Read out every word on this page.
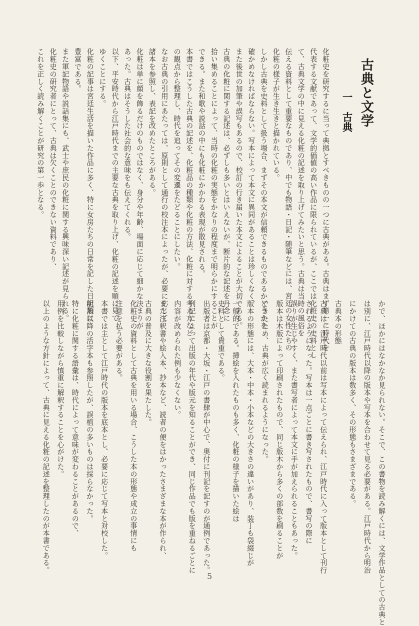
古典と文学
一　古典
化粧史を研究するに当って典拠とすべきものの一つに古典がある。古典はまず第一に時代を
代表する文献であって、文学的価値の高い作品に限られているが、ここでは化粧史の史料とし
て、古典文学の中に見える化粧の記述を取り上げてみたいと思う。古典は当時の風俗を
伝える資料として重要なものであり、中でも物語・日記・随筆などには、宮廷の女性たちの
化粧の様子が生き生きと描かれている。
しかし古典を史料として扱う場合、まずその本文が信頼できるものであるかどうかを
確かめなければならない。写本によって本文に異同があることは珍しくなく、
また後世の加筆や誤写もあるので、校訂の行き届いた本文によることが大切である。
古典の化粧に関する記述は、必ずしも多いとはいえないが、断片的な記述を丹念に
拾い集めることによって、当時の化粧の実態をかなりの程度まで明らかにすることが
できる。また和歌や説話の中にも化粧にかかわる表現が散見される。
本書ではこうした古典の記述を、化粧品の種類や化粧の方法、化粧に対する考え方など
の観点から整理し、時代を追ってその変遷をたどることにしたい。
なお古典の引用にあたっては、原則として通行の校注本によったが、必要に応じて
諸本を参照し、表記を改めたところがある。
化粧は単に顔を飾るだけのものではなく、身分や年齢、場面に応じて細かな決まりが
あった。古典はそうした社会的な意味をも伝えてくれる。
以下、平安時代から江戸時代までの主要な古典を取り上げ、化粧の記述を順に見て
ゆくことにする。
化粧の記事は宮廷生活を描いた作品に多く、特に女房たちの日常を記した日記類に
豊富である。
また軍記物語や説話集にも、武士や庶民の化粧に関する興味深い記述が見られる。
化粧史の研究者にとって、古典は欠くことのできない資料であり、
これを正しく読み解くことが研究の第一歩となる。
かで、ほかにはなかなか見られない。そこで、この書物を読み解くには、文学作品としての古典と
は別に、江戸時代以降の版本や写本を合わせて見る必要がある。江戸時代から明治
にかけての古典の版本は数多く、その形態もさまざまである。
古典本の形態
古典は、江戸時代以前は写本によって伝えられ、江戸時代に入って版本として刊行
されるようになった。写本は一点ごとに書き写されたもので、書写の際に
誤りが生じやすく、また書写者によって本文に手が加えられることもあった。
版本は木版によって印刷されたもので、同じ版木から多くの部数を刷ることが
できたため、古典が広く読まれるようになった。
版本の形態には、大本・中本・小本などの大きさの違いがあり、装丁も袋綴じが
一般的である。挿絵を入れたものも多く、化粧の様子を描いた絵は
史料として貴重である。
出版者は京都・大坂・江戸の書肆が中心で、奥付に刊記を記すのが通例であった。
刊記によって出版の年代や版元を知ることができ、同じ作品でも版を重ねるごとに
内容が改められた例も少なくない。
また注釈書や絵入本、抄本など、読者の便をはかったさまざまな本が作られ、
古典の普及に大きな役割を果たした。
化粧史の資料として古典を用いる場合、こうした本の形態や成立の事情にも
注意を払う必要がある。
本書では主として江戸時代の版本を底本とし、必要に応じて写本と対校した。
明治以降の活字本も参照したが、誤植の多いものは採らなかった。
特に化粧に関する語彙は、時代によって意味が変わることがあるので、
用例を比較しながら慎重に解釈することを心がけた。
以上のような方針によって、古典に見える化粧の記述を整理したのが本書である。
5
